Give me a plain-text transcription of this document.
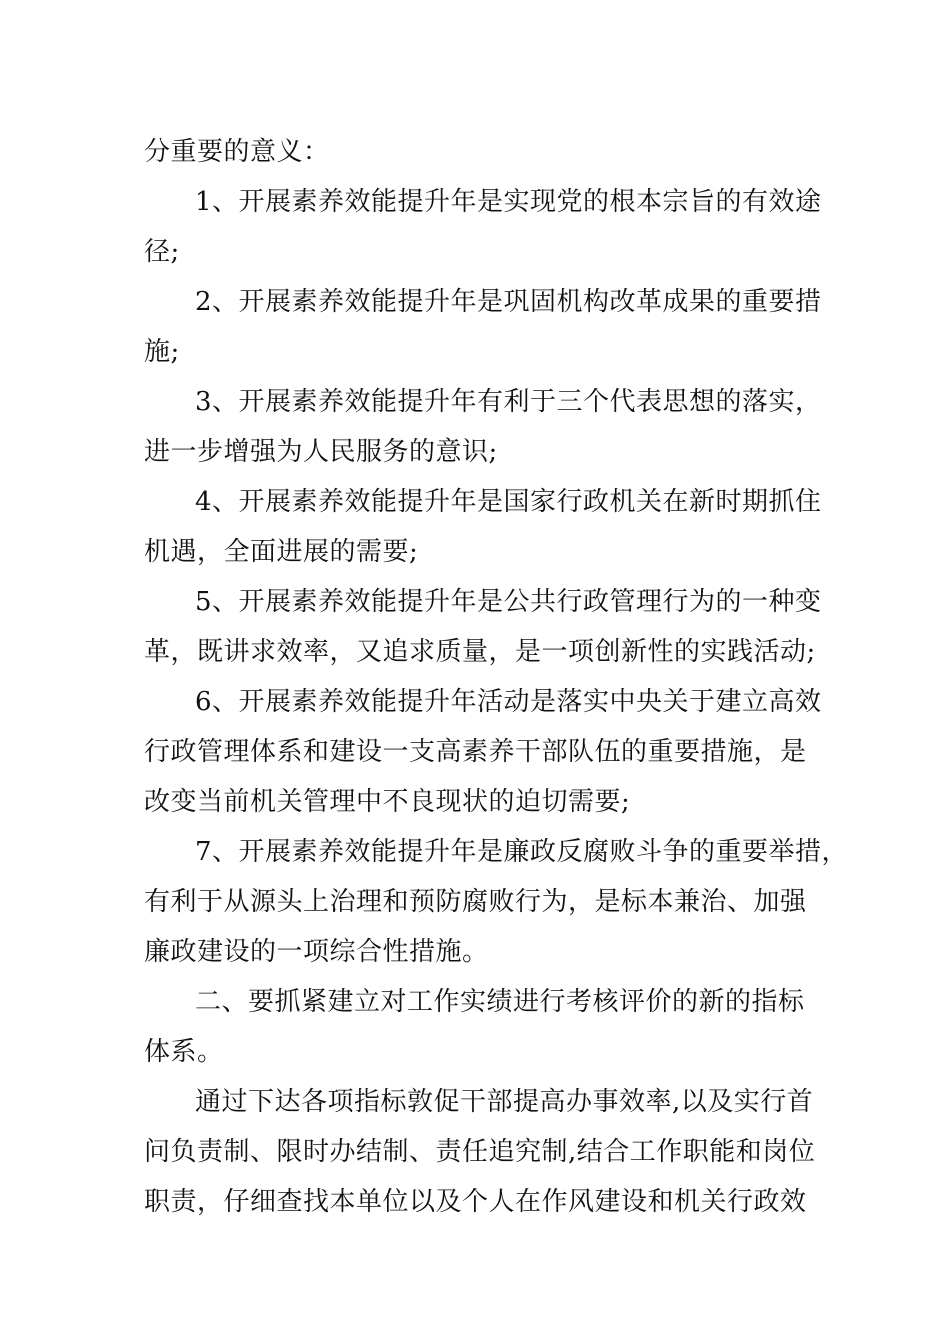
分重要的意义：
1、开展素养效能提升年是实现党的根本宗旨的有效途
径;
2、开展素养效能提升年是巩固机构改革成果的重要措
施;
3、开展素养效能提升年有利于三个代表思想的落实，
进一步增强为人民服务的意识;
4、开展素养效能提升年是国家行政机关在新时期抓住
机遇，全面进展的需要;
5、开展素养效能提升年是公共行政管理行为的一种变
革，既讲求效率，又追求质量，是一项创新性的实践活动;
6、开展素养效能提升年活动是落实中央关于建立高效
行政管理体系和建设一支高素养干部队伍的重要措施，是
改变当前机关管理中不良现状的迫切需要;
7、开展素养效能提升年是廉政反腐败斗争的重要举措，
有利于从源头上治理和预防腐败行为，是标本兼治、加强
廉政建设的一项综合性措施。
二、要抓紧建立对工作实绩进行考核评价的新的指标
体系。
通过下达各项指标敦促干部提高办事效率,以及实行首
问负责制、限时办结制、责任追究制,结合工作职能和岗位
职责，仔细查找本单位以及个人在作风建设和机关行政效
